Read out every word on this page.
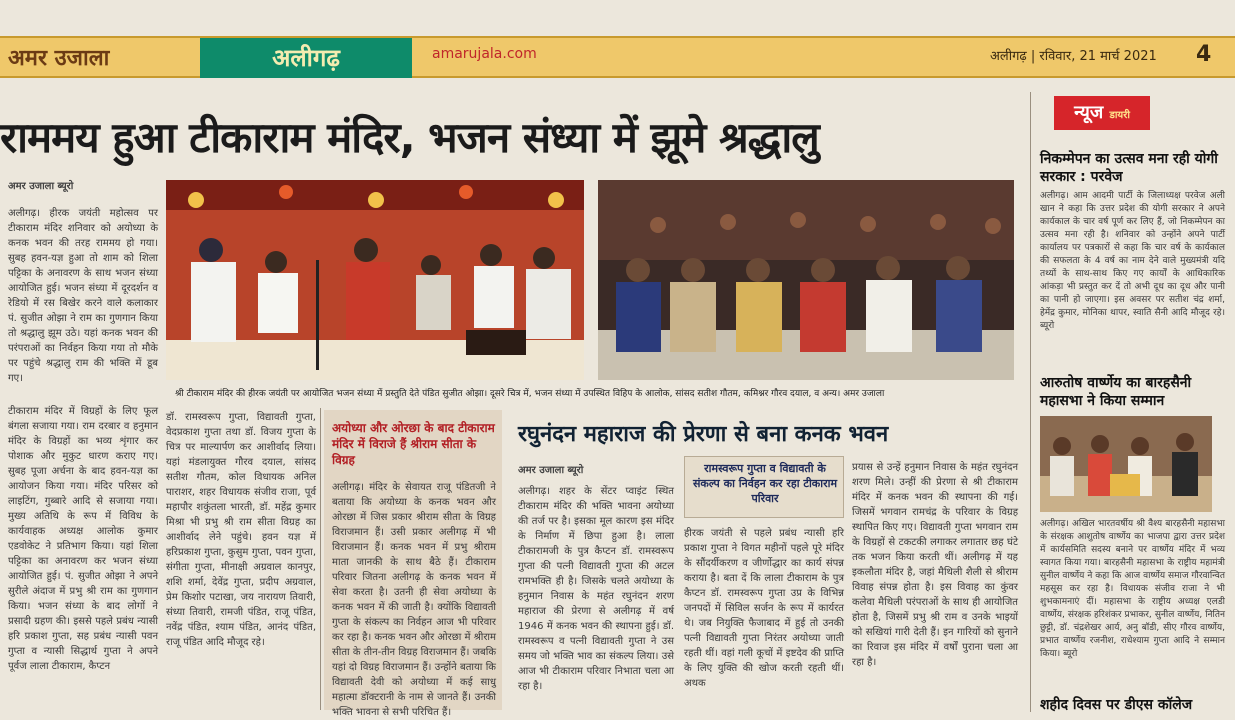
अमर उजाला	अलीगढ़	amarujala.com	अलीगढ़ | रविवार, 21 मार्च 2021	4
राममय हुआ टीकाराम मंदिर, भजन संध्या में झूमे श्रद्धालु
अमर उजाला ब्यूरो

अलीगढ़। हीरक जयंती महोत्सव पर टीकाराम मंदिर शनिवार को अयोध्या के कनक भवन की तरह राममय हो गया। सुबह हवन-यज्ञ हुआ तो शाम को शिला पट्टिका के अनावरण के साथ भजन संध्या आयोजित हुई। भजन संध्या में दूरदर्शन व रेडियो में रस बिखेर करने वाले कलाकार पं. सुजीत ओझा ने राम का गुणगान किया तो श्रद्धालु झूम उठे। यहां कनक भवन की परंपराओं का निर्वहन किया गया तो मौके पर पहुंचे श्रद्धालु राम की भक्ति में डूब गए।

टीकाराम मंदिर में विग्रहों के लिए फूल बंगला सजाया गया। राम दरबार व हनुमान मंदिर के विग्रहों का भव्य शृंगार कर पोशाक और मुकुट धारण कराए गए। सुबह पूजा अर्चना के बाद हवन-यज्ञ का आयोजन किया गया। मंदिर परिसर को लाइटिंग, गुब्बारे आदि से सजाया गया। मुख्य अतिथि के रूप में विविध के कार्यवाहक अध्यक्ष आलोक कुमार एडवोकेट ने प्रतिभाग किया। यहां शिला पट्टिका का अनावरण कर भजन संध्या आयोजित हुई। पं. सुजीत ओझा ने अपने सुरीले अंदाज में प्रभु श्री राम का गुणगान किया। भजन संध्या के बाद लोगों ने प्रसादी ग्रहण की। इससे पहले प्रबंध न्यासी हरि प्रकाश गुप्ता, सह प्रबंध न्यासी पवन गुप्ता व न्यासी सिद्धार्थ गुप्ता ने अपने पूर्वज लाला टीकाराम, कैप्टन

श्री टीकाराम मंदिर की हीरक जयंती पर आयोजित भजन संध्या में प्रस्तुति देते पंडित सुजीत ओझा। दूसरे चित्र में, भजन संध्या में उपस्थित विहिप के आलोक, सांसद सतीश गौतम, कमिश्नर गौरव दयाल, व अन्य। अमर उजाला

डॉ. रामस्वरूप गुप्ता, विद्यावती गुप्ता, वेदप्रकाश गुप्ता तथा डॉ. विजय गुप्ता के चित्र पर माल्यार्पण कर आशीर्वाद लिया। यहां मंडलायुक्त गौरव दयाल, सांसद सतीश गौतम, कोल विधायक अनिल पाराशर, शहर विधायक संजीव राजा, पूर्व महापौर शकुंतला भारती, डॉ. महेंद्र कुमार मिश्रा भी प्रभु श्री राम सीता विग्रह का आशीर्वाद लेने पहुंचे। हवन यज्ञ में हरिप्रकाश गुप्ता, कुसुम गुप्ता, पवन गुप्ता, संगीता गुप्ता, मीनाक्षी अग्रवाल कानपुर, शशि शर्मा, देवेंद्र गुप्ता, प्रदीप अग्रवाल, प्रेम किशोर पटाखा, जय नारायण तिवारी, संध्या तिवारी, रामजी पंडित, राजू पंडित, नवेंद्र पंडित, श्याम पंडित, आनंद पंडित, राजू पंडित आदि मौजूद रहे।

अयोध्या और ओरछा के बाद टीकाराम मंदिर में विराजे हैं श्रीराम सीता के विग्रह

अलीगढ़। मंदिर के सेवायत राजू पंडितजी ने बताया कि अयोध्या के कनक भवन और ओरछा में जिस प्रकार श्रीराम सीता के विग्रह विराजमान हैं। उसी प्रकार अलीगढ़ में भी विराजमान हैं। कनक भवन में प्रभु श्रीराम माता जानकी के साथ बैठे हैं। टीकाराम परिवार जितना अलीगढ़ के कनक भवन में सेवा करता है। उतनी ही सेवा अयोध्या के कनक भवन में की जाती है। क्योंकि विद्यावती गुप्ता के संकल्प का निर्वहन आज भी परिवार कर रहा है। कनक भवन और ओरछा में श्रीराम सीता के तीन-तीन विग्रह विराजमान हैं। जबकि यहां दो विग्रह विराजमान हैं। उन्होंने बताया कि विद्यावती देवी को अयोध्या में कई साधु महात्मा डॉक्टरानी के नाम से जानते हैं। उनकी भक्ति भावना से सभी परिचित हैं।

रघुनंदन महाराज की प्रेरणा से बना कनक भवन
अमर उजाला ब्यूरो

अलीगढ़। शहर के सेंटर प्वाइंट स्थित टीकाराम मंदिर की भक्ति भावना अयोध्या की तर्ज पर है। इसका मूल कारण इस मंदिर के निर्माण में छिपा हुआ है। लाला टीकारामजी के पुत्र कैप्टन डॉ. रामस्वरूप गुप्ता की पत्नी विद्यावती गुप्ता की अटल रामभक्ति ही है। जिसके चलते अयोध्या के हनुमान निवास के महंत रघुनंदन शरण महाराज की प्रेरणा से अलीगढ़ में वर्ष 1946 में कनक भवन की स्थापना हुई। डॉ. रामस्वरूप व पत्नी विद्यावती गुप्ता ने उस समय जो भक्ति भाव का संकल्प लिया। उसे आज भी टीकाराम परिवार निभाता चला आ रहा है।

रामस्वरूप गुप्ता व विद्यावती के संकल्प का निर्वहन कर रहा टीकाराम परिवार

हीरक जयंती से पहले प्रबंध न्यासी हरि प्रकाश गुप्ता ने विगत महीनों पहले पूरे मंदिर के सौंदर्यीकरण व जीर्णोद्धार का कार्य संपन्न कराया है। बता दें कि लाला टीकाराम के पुत्र कैप्टन डॉ. रामस्वरूप गुप्ता उप्र के विभिन्न जनपदों में सिविल सर्जन के रूप में कार्यरत थे। जब नियुक्ति फैजाबाद में हुई तो उनकी पत्नी विद्यावती गुप्ता निरंतर अयोध्या जाती रहती थीं। वहां गली कूचों में इष्टदेव की प्राप्ति के लिए युक्ति की खोज करती रहती थीं। अथक

प्रयास से उन्हें हनुमान निवास के महंत रघुनंदन शरण मिले। उन्हीं की प्रेरणा से श्री टीकाराम मंदिर में कनक भवन की स्थापना की गई। जिसमें भगवान रामचंद्र के परिवार के विग्रह स्थापित किए गए। विद्यावती गुप्ता भगवान राम के विग्रहों से टकटकी लगाकर लगातार छह घंटे तक भजन किया करती थीं। अलीगढ़ में यह इकलौता मंदिर है, जहां मैथिली शैली से श्रीराम विवाह संपन्न होता है। इस विवाह का कुंवर कलेवा मैथिली परंपराओं के साथ ही आयोजित होता है, जिसमें प्रभु श्री राम व उनके भाइयों को सखियां गारी देती हैं। इन गारियों को सुनाने का रिवाज इस मंदिर में वर्षों पुराना चला आ रहा है।

न्यूज डायरी
निकम्मेपन का उत्सव मना रही योगी सरकार : परवेज

अलीगढ़। आम आदमी पार्टी के जिलाध्यक्ष परवेज अली खान ने कहा कि उत्तर प्रदेश की योगी सरकार ने अपने कार्यकाल के चार वर्ष पूर्ण कर लिए हैं, जो निकम्मेपन का उत्सव मना रही है। शनिवार को उन्होंने अपने पार्टी कार्यालय पर पत्रकारों से कहा कि चार वर्ष के कार्यकाल की सफलता के 4 वर्ष का नाम देने वाले मुख्यमंत्री यदि तथ्यों के साथ-साथ किए गए कार्यों के आधिकारिक आंकड़ा भी प्रस्तुत कर दें तो अभी दूध का दूध और पानी का पानी हो जाएगा। इस अवसर पर सतीश चंद्र शर्मा, हेमेंद्र कुमार, मोनिका थापर, स्वाति सैनी आदि मौजूद रहे। ब्यूरो

आरुतोष वार्ष्णेय का बारहसैनी महासभा ने किया सम्मान

अलीगढ़। अखिल भारतवर्षीय श्री वैश्य बारहसैनी महासभा के संरक्षक आशुतोष वार्ष्णेय का भाजपा द्वारा उत्तर प्रदेश में कार्यसमिति सदस्य बनाने पर वार्ष्णेय मंदिर में भव्य स्वागत किया गया। बारहसैनी महासभा के राष्ट्रीय महामंत्री सुनील वार्ष्णेय ने कहा कि आज वार्ष्णेय समाज गौरवान्वित महसूस कर रहा है। विधायक संजीव राजा ने भी शुभकामनाएं दीं। महासभा के राष्ट्रीय अध्यक्ष एलडी वार्ष्णेय, संरक्षक हरिशंकर प्रभाकर, सुनील वार्ष्णेय, नितिन छुट्टी, डॉ. चंद्रशेखर आर्य, अनु बॉडी, सीए गौरव वार्ष्णेय, प्रभात वार्ष्णेय रजनीश, राधेश्याम गुप्ता आदि ने सम्मान किया। ब्यूरो

शहीद दिवस पर डीएस कॉलेज
